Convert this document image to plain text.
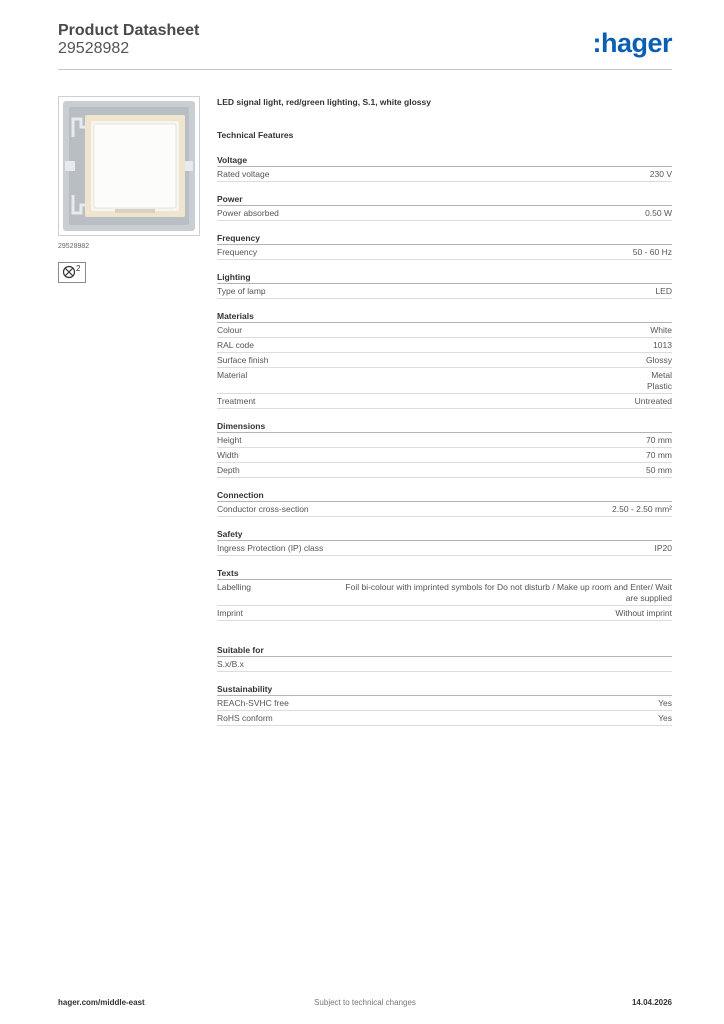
Product Datasheet
29528982	:hager
29528982
2
LED signal light, red/green lighting, S.1, white glossy
Technical Features
Voltage
Rated voltage	230 V
Power
Power absorbed	0.50 W
Frequency
Frequency	50 - 60 Hz
Lighting
Type of lamp	LED
Materials
Colour	White
RAL code	1013
Surface finish	Glossy
Material	Metal
Plastic
Treatment	Untreated
Dimensions
Height	70 mm
Width	70 mm
Depth	50 mm
Connection
Conductor cross-section	2.50 - 2.50 mm²
Safety
Ingress Protection (IP) class	IP20
Texts
Labelling	Foil bi-colour with imprinted symbols for Do not disturb / Make up room and Enter/ Wait are supplied
Imprint	Without imprint
Suitable for
S.x/B.x
Sustainability
REACh-SVHC free	Yes
RoHS conform	Yes
hager.com/middle-east	Subject to technical changes	14.04.2026
